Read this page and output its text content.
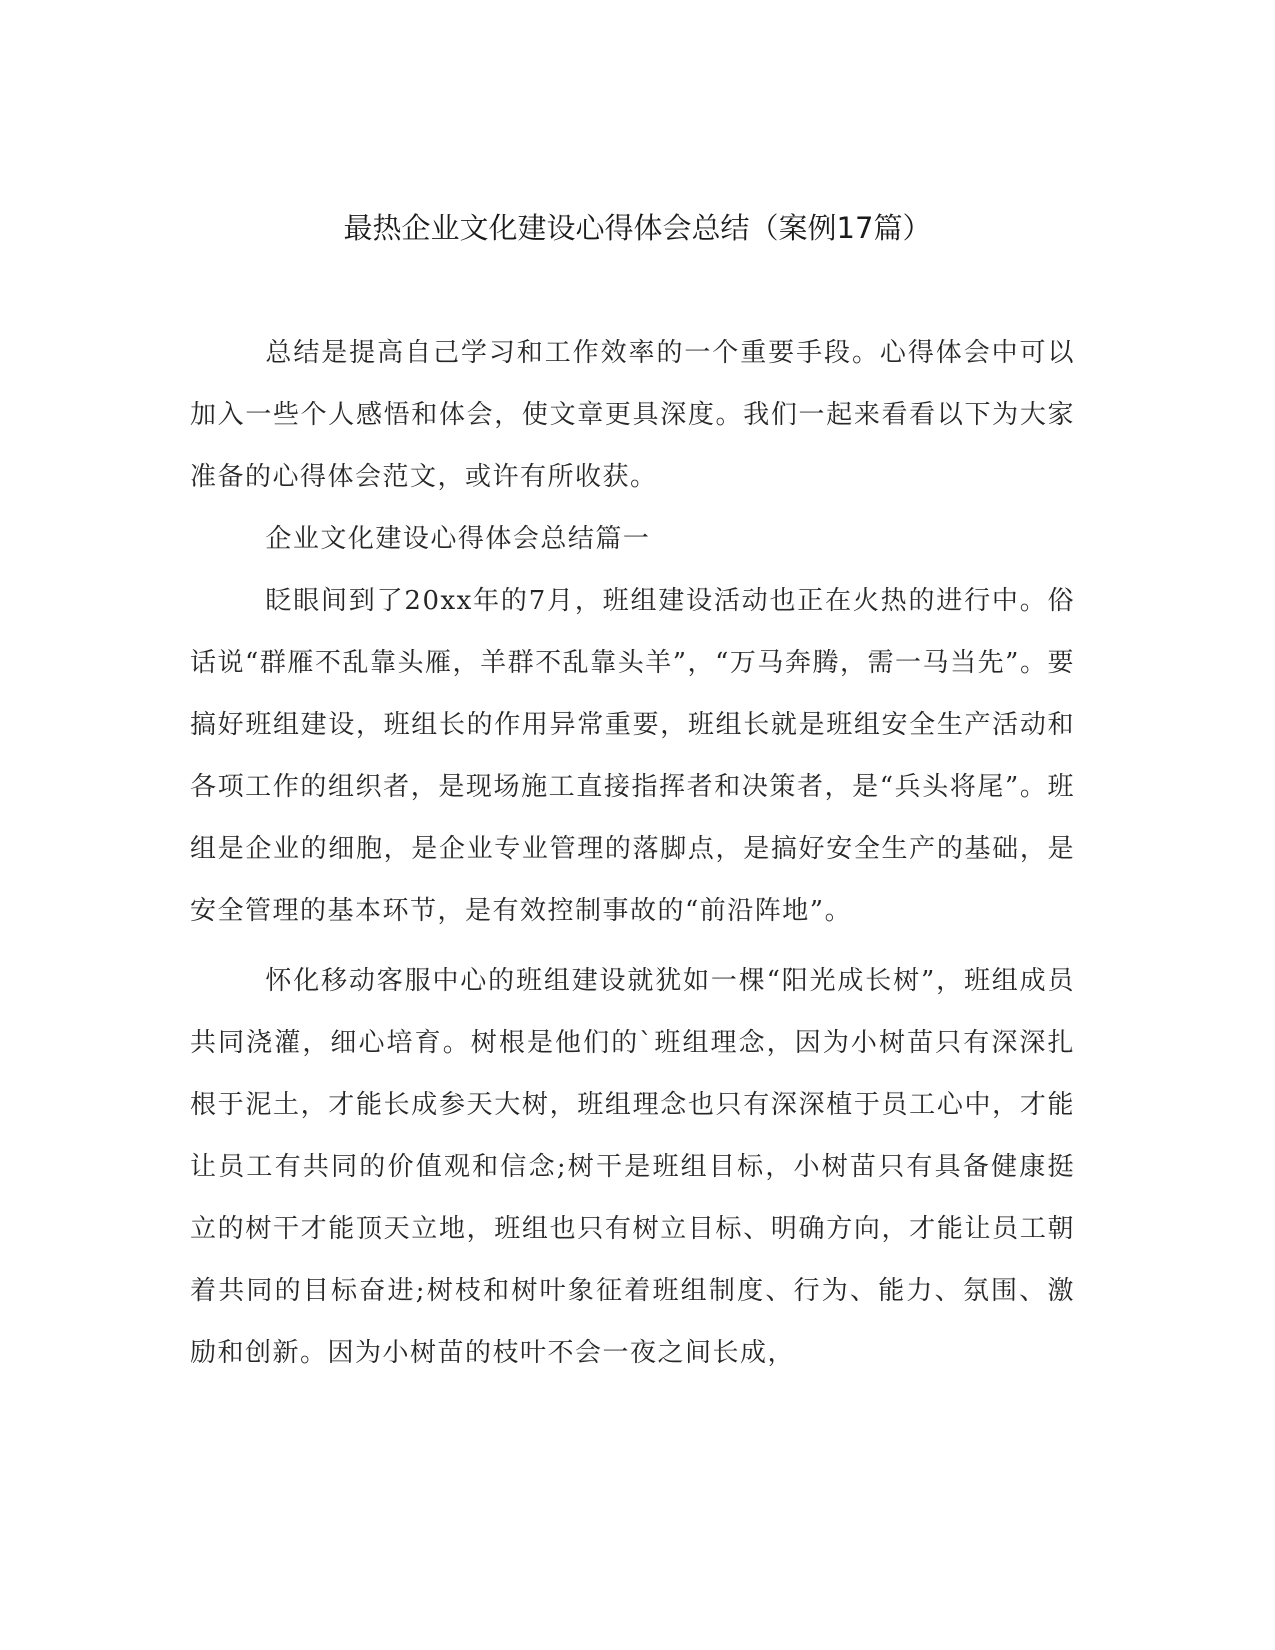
最热企业文化建设心得体会总结（案例17篇）

总结是提高自己学习和工作效率的一个重要手段。心得体会中可以加入一些个人感悟和体会，使文章更具深度。我们一起来看看以下为大家准备的心得体会范文，或许有所收获。

企业文化建设心得体会总结篇一

眨眼间到了20xx年的7月，班组建设活动也正在火热的进行中。俗话说“群雁不乱靠头雁，羊群不乱靠头羊”，“万马奔腾，需一马当先”。要搞好班组建设，班组长的作用异常重要，班组长就是班组安全生产活动和各项工作的组织者，是现场施工直接指挥者和决策者，是“兵头将尾”。班组是企业的细胞，是企业专业管理的落脚点，是搞好安全生产的基础，是安全管理的基本环节，是有效控制事故的“前沿阵地”。

怀化移动客服中心的班组建设就犹如一棵“阳光成长树”，班组成员共同浇灌，细心培育。树根是他们的`班组理念，因为小树苗只有深深扎根于泥土，才能长成参天大树，班组理念也只有深深植于员工心中，才能让员工有共同的价值观和信念;树干是班组目标，小树苗只有具备健康挺立的树干才能顶天立地，班组也只有树立目标、明确方向，才能让员工朝着共同的目标奋进;树枝和树叶象征着班组制度、行为、能力、氛围、激励和创新。因为小树苗的枝叶不会一夜之间长成，
